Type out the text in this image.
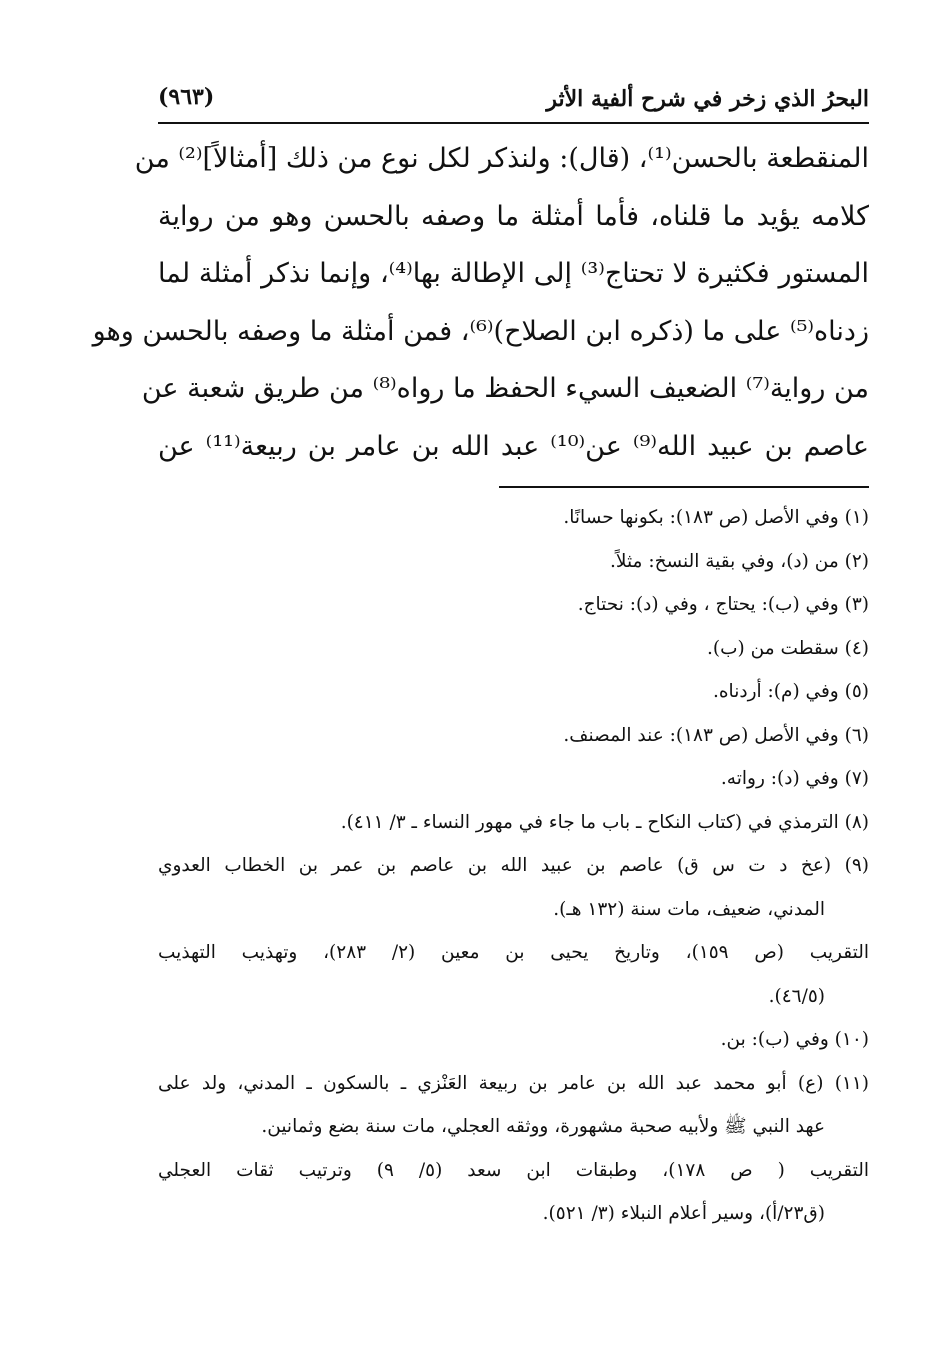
البحرُ الذي زخر في شرح ألفية الأثر
(٩٦٣)
المنقطعة بالحسن⁽¹⁾، (قال): ولنذكر لكل نوع من ذلك [أمثالاً]⁽²⁾ من
كلامه يؤيد ما قلناه، فأما أمثلة ما وصفه بالحسن وهو من رواية
المستور فكثيرة لا تحتاج⁽³⁾ إلى الإطالة بها⁽⁴⁾، وإنما نذكر أمثلة لما
زدناه⁽⁵⁾ على ما (ذكره ابن الصلاح)⁽⁶⁾، فمن أمثلة ما وصفه بالحسن وهو
من رواية⁽⁷⁾ الضعيف السيء الحفظ ما رواه⁽⁸⁾ من طريق شعبة عن
عاصم بن عبيد الله⁽⁹⁾ عن⁽¹⁰⁾ عبد الله بن عامر بن ربيعة⁽¹¹⁾ عن
(١) وفي الأصل (ص ١٨٣): بكونها حسانًا.
(٢) من (د)، وفي بقية النسخ: مثلاً.
(٣) وفي (ب): يحتاج ، وفي (د): نحتاج.
(٤) سقطت من (ب).
(٥) وفي (م): أردناه.
(٦) وفي الأصل (ص ١٨٣): عند المصنف.
(٧) وفي (د): رواته.
(٨) الترمذي في (كتاب النكاح ـ باب ما جاء في مهور النساء ـ ٣/ ٤١١).
(٩) (عخ د ت س ق) عاصم بن عبيد الله بن عاصم بن عمر بن الخطاب العدوي
المدني، ضعيف، مات سنة (١٣٢ هـ).
التقريب (ص ١٥٩)، وتاريخ يحيى بن معين (٢/ ٢٨٣)، وتهذيب التهذيب
(٤٦/٥).
(١٠) وفي (ب): بن.
(١١) (ع) أبو محمد عبد الله بن عامر بن ربيعة العَنْزي ـ بالسكون ـ المدني، ولد على
عهد النبي ﷺ ولأبيه صحبة مشهورة، ووثقه العجلي، مات سنة بضع وثمانين.
التقريب ( ص ١٧٨)، وطبقات ابن سعد (٥/ ٩) وترتيب ثقات العجلي
(ق٢٣/أ)، وسير أعلام النبلاء (٣/ ٥٢١).
